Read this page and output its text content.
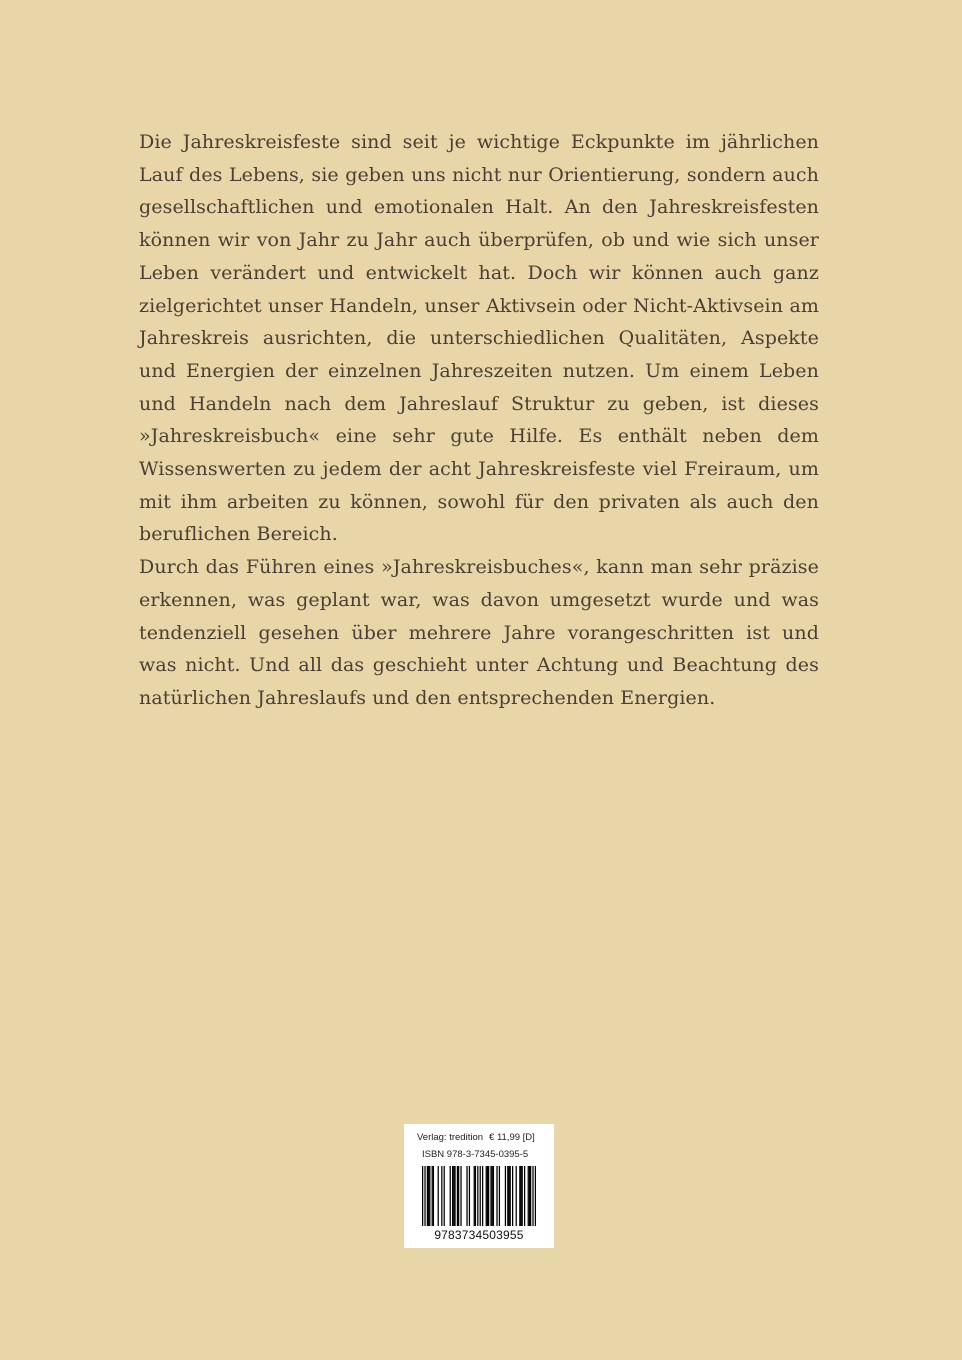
Die Jahreskreisfeste sind seit je wichtige Eckpunkte im jährlichen Lauf des Lebens, sie geben uns nicht nur Orientierung, sondern auch gesellschaftlichen und emotionalen Halt. An den Jahreskreisfesten können wir von Jahr zu Jahr auch überprüfen, ob und wie sich unser Leben verändert und entwickelt hat. Doch wir können auch ganz zielgerichtet unser Handeln, unser Aktivsein oder Nicht-Aktivsein am Jahreskreis ausrichten, die unterschiedlichen Qualitäten, Aspekte und Energien der einzelnen Jahreszeiten nutzen. Um einem Leben und Handeln nach dem Jahreslauf Struktur zu geben, ist dieses »Jahreskreisbuch« eine sehr gute Hilfe. Es enthält neben dem Wissenswerten zu jedem der acht Jahreskreisfeste viel Freiraum, um mit ihm arbeiten zu können, sowohl für den privaten als auch den beruflichen Bereich.

Durch das Führen eines »Jahreskreisbuches«, kann man sehr präzise erkennen, was geplant war, was davon umgesetzt wurde und was tendenziell gesehen über mehrere Jahre vorangeschritten ist und was nicht. Und all das geschieht unter Achtung und Beachtung des natürlichen Jahreslaufs und den entsprechenden Energien.

Verlag: tredition € 11,99 [D]
ISBN 978-3-7345-0395-5
9783734503955
